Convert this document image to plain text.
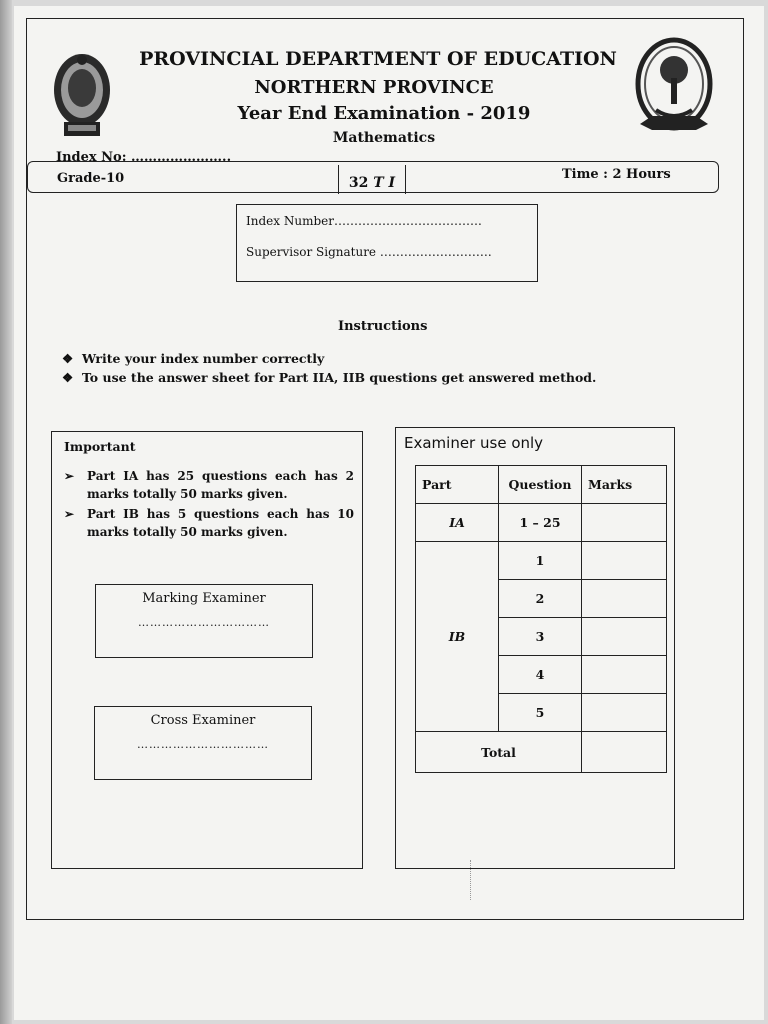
PROVINCIAL DEPARTMENT OF EDUCATION
NORTHERN PROVINCE
Year End Examination - 2019
Mathematics
Index No: …………………..
Grade-10	32 T I
Time : 2 Hours
Index Number……………………………….
Supervisor Signature ……………………….
Instructions
❖ Write your index number correctly
❖ To use the answer sheet for Part IIA, IIB questions get answered method.
Important
➢ Part IA has 25 questions each has 2 marks totally 50 marks given.
➢ Part IB has 5 questions each has 10 marks totally 50 marks given.
Marking Examiner
……………………………
Cross Examiner
……………………………
Examiner use only
Part	Question	Marks
IA	1 – 25	
IB	1	
	2	
	3	
	4	
	5	
Total		
